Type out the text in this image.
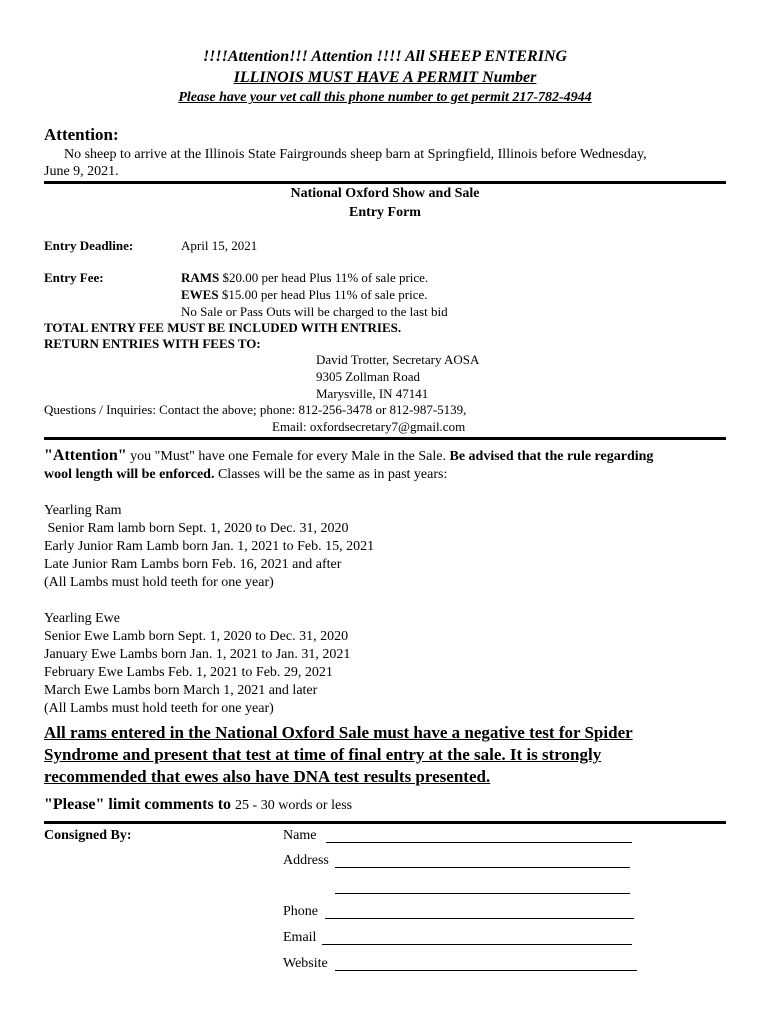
!!!!Attention!!! Attention !!!! All SHEEP ENTERING
ILLINOIS MUST HAVE A PERMIT Number
Please have your vet call this phone number to get permit 217-782-4944
Attention:
No sheep to arrive at the Illinois State Fairgrounds sheep barn at Springfield, Illinois before Wednesday,
June 9, 2021.
National Oxford Show and Sale
Entry Form
Entry Deadline:	April 15, 2021
Entry Fee:	RAMS $20.00 per head Plus 11% of sale price.
EWES $15.00 per head Plus 11% of sale price.
No Sale or Pass Outs will be charged to the last bid
TOTAL ENTRY FEE MUST BE INCLUDED WITH ENTRIES.
RETURN ENTRIES WITH FEES TO:
David Trotter, Secretary AOSA
9305 Zollman Road
Marysville, IN 47141
Questions / Inquiries: Contact the above; phone: 812-256-3478 or 812-987-5139,
Email: oxfordsecretary7@gmail.com
"Attention" you "Must" have one Female for every Male in the Sale. Be advised that the rule regarding
wool length will be enforced. Classes will be the same as in past years:
Yearling Ram
Senior Ram lamb born Sept. 1, 2020 to Dec. 31, 2020
Early Junior Ram Lamb born Jan. 1, 2021 to Feb. 15, 2021
Late Junior Ram Lambs born Feb. 16, 2021 and after
(All Lambs must hold teeth for one year)
Yearling Ewe
Senior Ewe Lamb born Sept. 1, 2020 to Dec. 31, 2020
January Ewe Lambs born Jan. 1, 2021 to Jan. 31, 2021
February Ewe Lambs Feb. 1, 2021 to Feb. 29, 2021
March Ewe Lambs born March 1, 2021 and later
(All Lambs must hold teeth for one year)
All rams entered in the National Oxford Sale must have a negative test for Spider
Syndrome and present that test at time of final entry at the sale. It is strongly
recommended that ewes also have DNA test results presented.
"Please" limit comments to 25 - 30 words or less
Consigned By:	Name
Address
Phone
Email
Website
